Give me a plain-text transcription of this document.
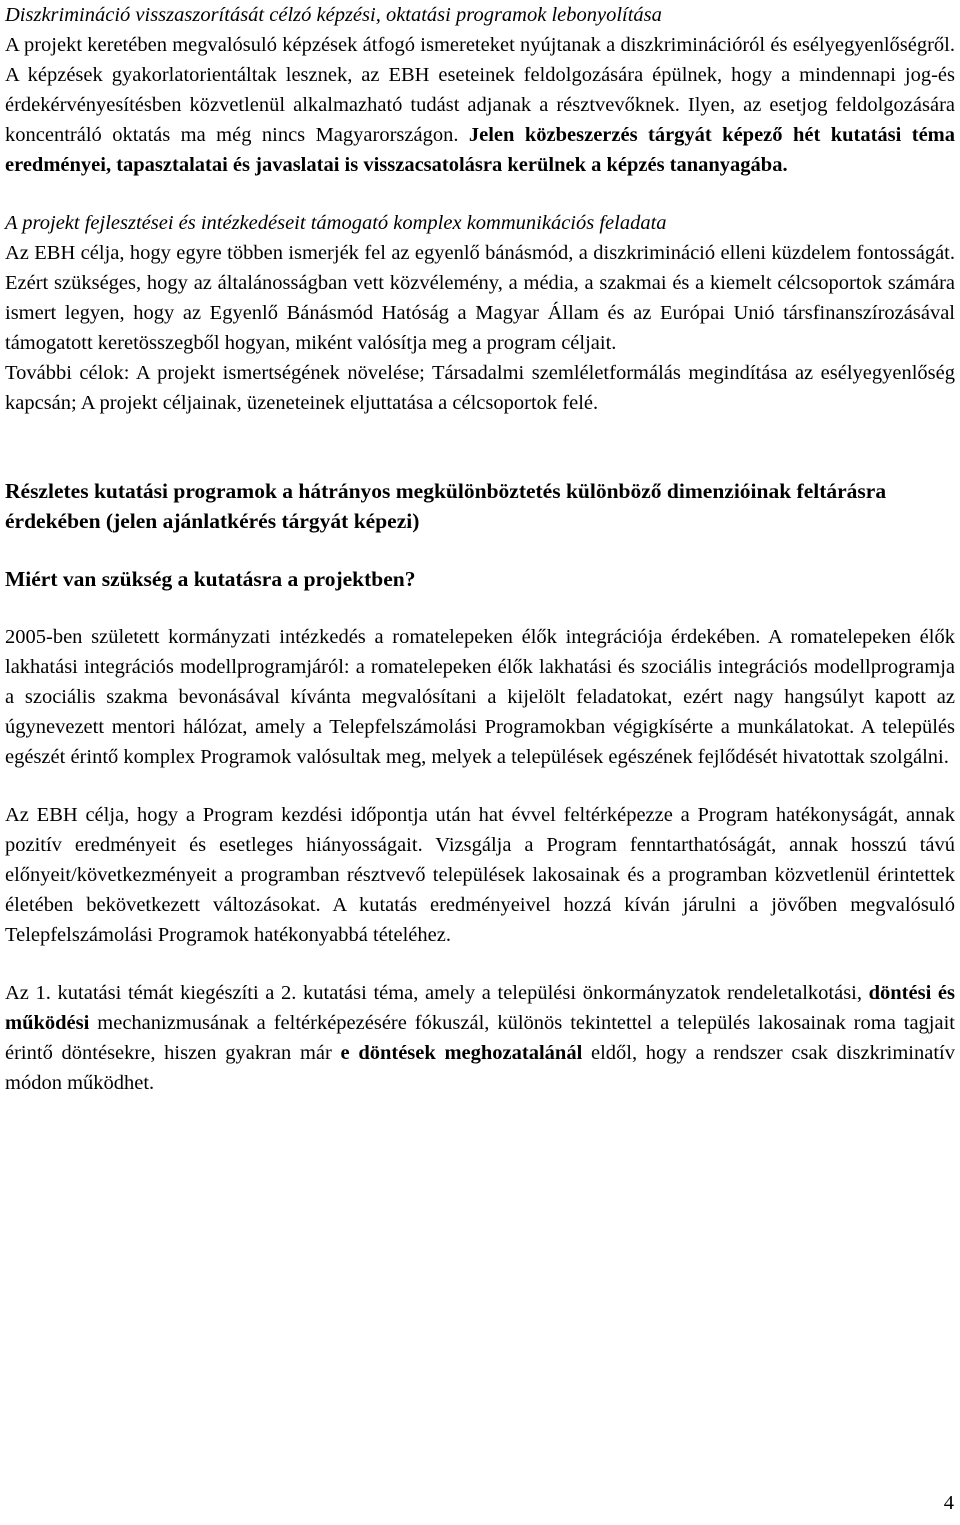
Diszkrimináció visszaszorítását célzó képzési, oktatási programok lebonyolítása

A projekt keretében megvalósuló képzések átfogó ismereteket nyújtanak a diszkriminációról és esélyegyenlőségről. A képzések gyakorlatorientáltak lesznek, az EBH eseteinek feldolgozására épülnek, hogy a mindennapi jog-és érdekérvényesítésben közvetlenül alkalmazható tudást adjanak a résztvevőknek. Ilyen, az esetjog feldolgozására koncentráló oktatás ma még nincs Magyarországon. Jelen közbeszerzés tárgyát képező hét kutatási téma eredményei, tapasztalatai és javaslatai is visszacsatolásra kerülnek a képzés tananyagába.

A projekt fejlesztései és intézkedéseit támogató komplex kommunikációs feladata

Az EBH célja, hogy egyre többen ismerjék fel az egyenlő bánásmód, a diszkrimináció elleni küzdelem fontosságát. Ezért szükséges, hogy az általánosságban vett közvélemény, a média, a szakmai és a kiemelt célcsoportok számára ismert legyen, hogy az Egyenlő Bánásmód Hatóság a Magyar Állam és az Európai Unió társfinanszírozásával támogatott keretösszegből hogyan, miként valósítja meg a program céljait.

További célok: A projekt ismertségének növelése; Társadalmi szemléletformálás megindítása az esélyegyenlőség kapcsán; A projekt céljainak, üzeneteinek eljuttatása a célcsoportok felé.

Részletes kutatási programok a hátrányos megkülönböztetés különböző dimenzióinak feltárásra érdekében (jelen ajánlatkérés tárgyát képezi)

Miért van szükség a kutatásra a projektben?

2005-ben született kormányzati intézkedés a romatelepeken élők integrációja érdekében. A romatelepeken élők lakhatási integrációs modellprogramjáról: a romatelepeken élők lakhatási és szociális integrációs modellprogramja a szociális szakma bevonásával kívánta megvalósítani a kijelölt feladatokat, ezért nagy hangsúlyt kapott az úgynevezett mentori hálózat, amely a Telepfelszámolási Programokban végigkísérte a munkálatokat. A település egészét érintő komplex Programok valósultak meg, melyek a települések egészének fejlődését hivatottak szolgálni.

Az EBH célja, hogy a Program kezdési időpontja után hat évvel feltérképezze a Program hatékonyságát, annak pozitív eredményeit és esetleges hiányosságait. Vizsgálja a Program fenntarthatóságát, annak hosszú távú előnyeit/következményeit a programban résztvevő települések lakosainak és a programban közvetlenül érintettek életében bekövetkezett változásokat. A kutatás eredményeivel hozzá kíván járulni a jövőben megvalósuló Telepfelszámolási Programok hatékonyabbá tételéhez.

Az 1. kutatási témát kiegészíti a 2. kutatási téma, amely a települési önkormányzatok rendeletalkotási, döntési és működési mechanizmusának a feltérképezésére fókuszál, különös tekintettel a település lakosainak roma tagjait érintő döntésekre, hiszen gyakran már e döntések meghozatalánál eldől, hogy a rendszer csak diszkriminatív módon működhet.

4
